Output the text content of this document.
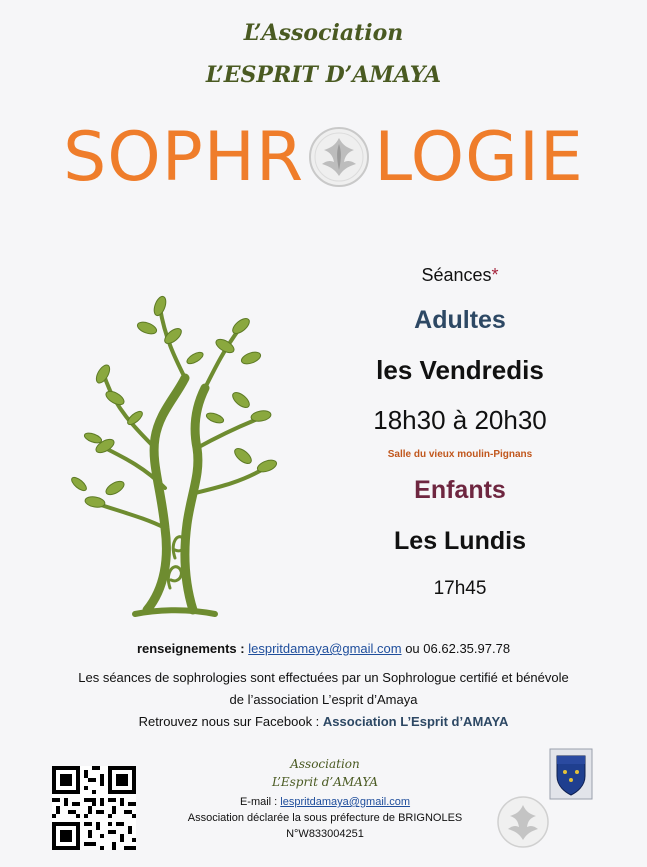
L’Association
L’ESPRIT D’AMAYA
SOPHR LOGIE
Séances*
Adultes
les Vendredis
18h30 à 20h30
Salle du vieux moulin-Pignans
Enfants
Les Lundis
17h45
renseignements : lespritdamaya@gmail.com ou 06.62.35.97.78
Les séances de sophrologies sont effectuées par un Sophrologue certifié et bénévole
de l’association L’esprit d’Amaya
Retrouvez nous sur Facebook : Association L’Esprit d’AMAYA
Association
L’Esprit d’AMAYA
E-mail : lespritdamaya@gmail.com
Association déclarée la sous préfecture de BRIGNOLES
N°W833004251
